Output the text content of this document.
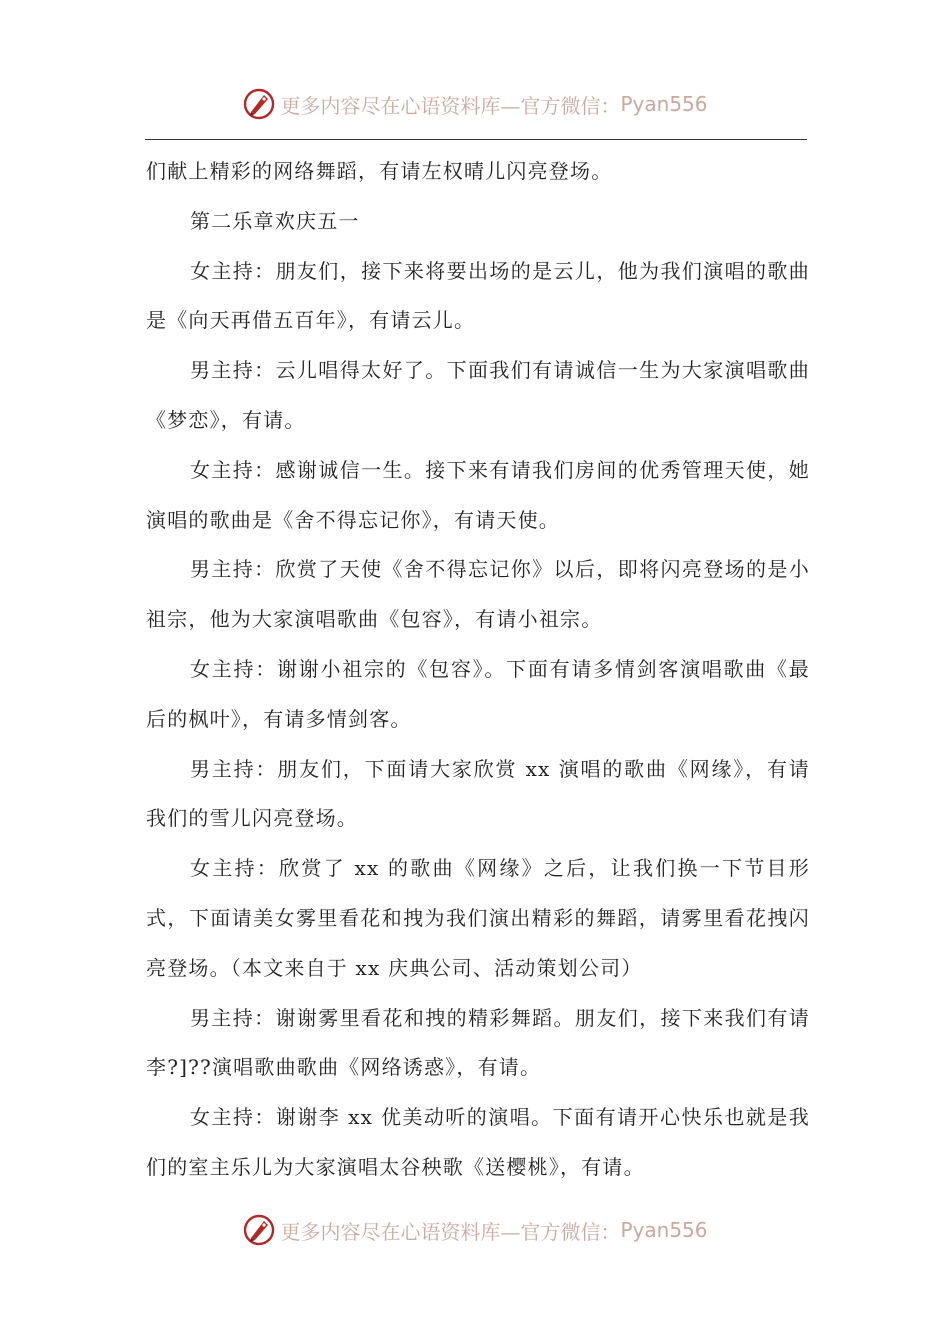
更多内容尽在心语资料库—官方微信： Pyan556

们献上精彩的网络舞蹈，有请左权晴儿闪亮登场。

第二乐章欢庆五一

女主持：朋友们，接下来将要出场的是云儿，他为我们演唱的歌曲是《向天再借五百年》，有请云儿。

男主持：云儿唱得太好了。下面我们有请诚信一生为大家演唱歌曲《梦恋》，有请。

女主持：感谢诚信一生。接下来有请我们房间的优秀管理天使，她演唱的歌曲是《舍不得忘记你》，有请天使。

男主持：欣赏了天使《舍不得忘记你》以后，即将闪亮登场的是小祖宗，他为大家演唱歌曲《包容》，有请小祖宗。

女主持：谢谢小祖宗的《包容》。下面有请多情剑客演唱歌曲《最后的枫叶》，有请多情剑客。

男主持：朋友们，下面请大家欣赏 xx 演唱的歌曲《网缘》，有请我们的雪儿闪亮登场。

女主持：欣赏了 xx 的歌曲《网缘》之后，让我们换一下节目形式，下面请美女雾里看花和拽为我们演出精彩的舞蹈，请雾里看花拽闪亮登场。（本文来自于 xx 庆典公司、活动策划公司）

男主持：谢谢雾里看花和拽的精彩舞蹈。朋友们，接下来我们有请李?]??演唱歌曲歌曲《网络诱惑》，有请。

女主持：谢谢李 xx 优美动听的演唱。下面有请开心快乐也就是我们的室主乐儿为大家演唱太谷秧歌《送樱桃》，有请。

更多内容尽在心语资料库—官方微信： Pyan556
